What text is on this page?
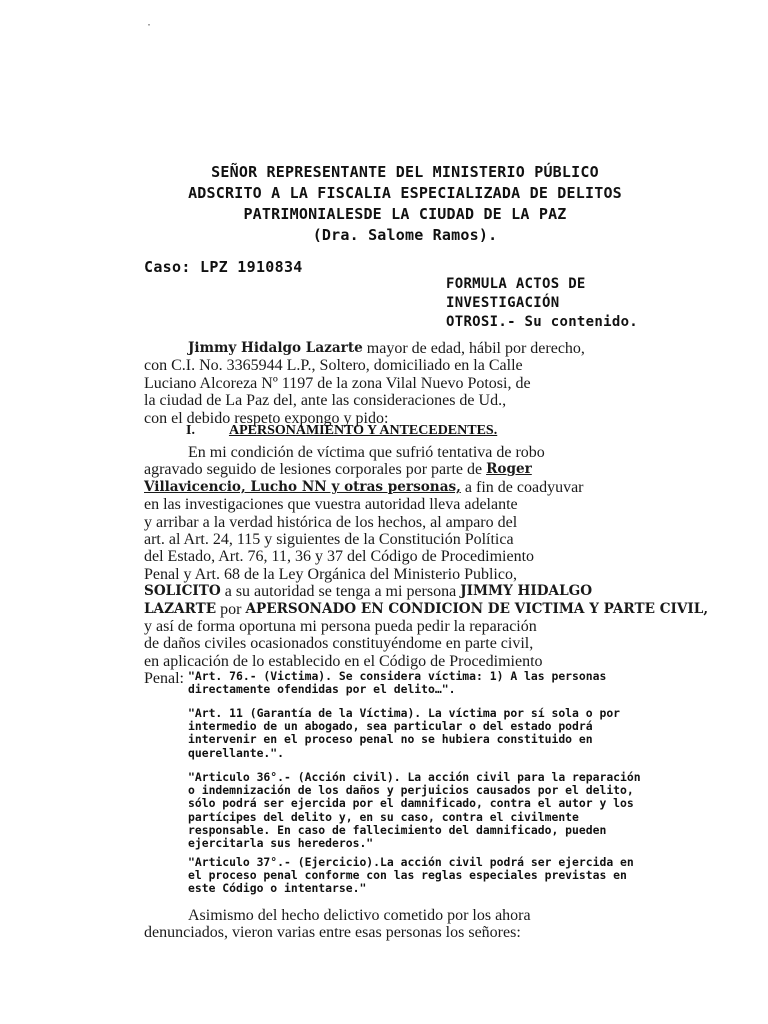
·
SEÑOR REPRESENTANTE DEL MINISTERIO PÚBLICO
ADSCRITO A LA FISCALIA ESPECIALIZADA DE DELITOS
PATRIMONIALESDE LA CIUDAD DE LA PAZ
(Dra. Salome Ramos).
Caso: LPZ 1910834
FORMULA ACTOS DE
INVESTIGACIÓN
OTROSI.- Su contenido.
Jimmy Hidalgo Lazarte
mayor de edad, hábil por derecho,
con C.I. No. 3365944 L.P., Soltero, domiciliado en la Calle
Luciano Alcoreza Nº 1197 de la zona Vilal Nuevo Potosi, de
la ciudad de La Paz del, ante las consideraciones de Ud.,
con el debido respeto expongo y pido:
I. APERSONAMIENTO Y ANTECEDENTES.
En mi condición de víctima que sufrió tentativa de robo
agravado seguido de lesiones corporales por parte de
Roger
Villavicencio, Lucho NN y otras personas,
a fin de coadyuvar
en las investigaciones que vuestra autoridad lleva adelante
y arribar a la verdad histórica de los hechos, al amparo del
art. al Art. 24, 115 y siguientes de la Constitución Política
del Estado, Art. 76, 11, 36 y 37 del Código de Procedimiento
Penal y Art. 68 de la Ley Orgánica del Ministerio Publico,
SOLICITO
a su autoridad se tenga a mi persona
JIMMY HIDALGO
LAZARTE
por
APERSONADO EN CONDICION DE VICTIMA Y PARTE CIVIL,
y así de forma oportuna mi persona pueda pedir la reparación
de daños civiles ocasionados constituyéndome en parte civil,
en aplicación de lo establecido en el Código de Procedimiento
Penal: "Art. 76.- (Victima). Se considera víctima: 1) A las personas
directamente ofendidas por el delito…".
"Art. 11 (Garantía de la Víctima). La víctima por sí sola o por
intermedio de un abogado, sea particular o del estado podrá
intervenir en el proceso penal no se hubiera constituido en
querellante.".
"Articulo 36°.- (Acción civil). La acción civil para la reparación
o indemnización de los daños y perjuicios causados por el delito,
sólo podrá ser ejercida por el damnificado, contra el autor y los
partícipes del delito y, en su caso, contra el civilmente
responsable. En caso de fallecimiento del damnificado, pueden
ejercitarla sus herederos."
"Articulo 37°.- (Ejercicio).La acción civil podrá ser ejercida en
el proceso penal conforme con las reglas especiales previstas en
este Código o intentarse."
Asimismo del hecho delictivo cometido por los ahora
denunciados, vieron varias entre esas personas los señores:
